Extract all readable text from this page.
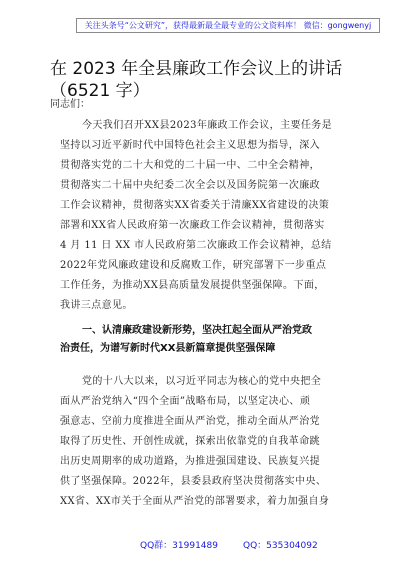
关注头条号“公文研究”，获得最新最全最专业的公文资料库！ 微信：gongwenyj
在 2023 年全县廉政工作会议上的讲话
（6521 字）
同志们：
今天我们召开XX县2023年廉政工作会议，主要任务是
坚持以习近平新时代中国特色社会主义思想为指导，深入
贯彻落实党的二十大和党的二十届一中、二中全会精神，
贯彻落实二十届中央纪委二次全会以及国务院第一次廉政
工作会议精神，贯彻落实XX省委关于清廉XX省建设的决策
部署和XX省人民政府第一次廉政工作会议精神，贯彻落实
4 月 11 日 XX 市人民政府第二次廉政工作会议精神，总结
2022年党风廉政建设和反腐败工作，研究部署下一步重点
工作任务，为推动XX县高质量发展提供坚强保障。下面，
我讲三点意见。
一、认清廉政建设新形势，坚决扛起全面从严治党政
治责任，为谱写新时代XX县新篇章提供坚强保障
党的十八大以来，以习近平同志为核心的党中央把全
面从严治党纳入“四个全面”战略布局，以坚定决心、顽
强意志、空前力度推进全面从严治党，推动全面从严治党
取得了历史性、开创性成就，探索出依靠党的自我革命跳
出历史周期率的成功道路，为推进强国建设、民族复兴提
供了坚强保障。2022年，县委县政府坚决贯彻落实中央、
XX省、XX市关于全面从严治党的部署要求，着力加强自身
QQ群：31991489	QQ：535304092
